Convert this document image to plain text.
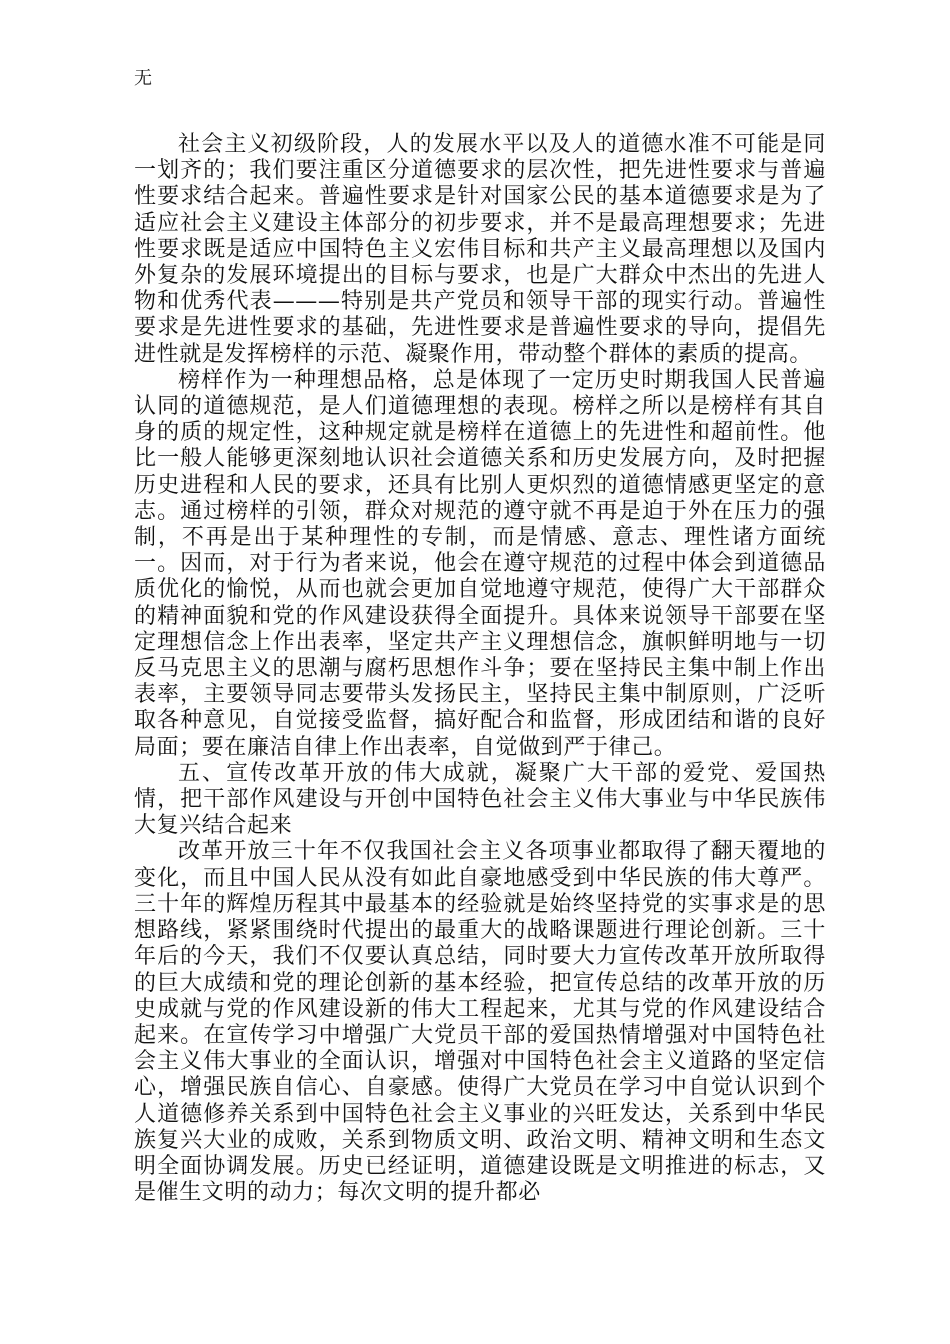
无

社会主义初级阶段，人的发展水平以及人的道德水准不可能是同一划齐的；我们要注重区分道德要求的层次性，把先进性要求与普遍性要求结合起来。普遍性要求是针对国家公民的基本道德要求是为了适应社会主义建设主体部分的初步要求，并不是最高理想要求；先进性要求既是适应中国特色主义宏伟目标和共产主义最高理想以及国内外复杂的发展环境提出的目标与要求，也是广大群众中杰出的先进人物和优秀代表———特别是共产党员和领导干部的现实行动。普遍性要求是先进性要求的基础，先进性要求是普遍性要求的导向，提倡先进性就是发挥榜样的示范、凝聚作用，带动整个群体的素质的提高。

榜样作为一种理想品格，总是体现了一定历史时期我国人民普遍认同的道德规范，是人们道德理想的表现。榜样之所以是榜样有其自身的质的规定性，这种规定就是榜样在道德上的先进性和超前性。他比一般人能够更深刻地认识社会道德关系和历史发展方向，及时把握历史进程和人民的要求，还具有比别人更炽烈的道德情感更坚定的意志。通过榜样的引领，群众对规范的遵守就不再是迫于外在压力的强制，不再是出于某种理性的专制，而是情感、意志、理性诸方面统一。因而，对于行为者来说，他会在遵守规范的过程中体会到道德品质优化的愉悦，从而也就会更加自觉地遵守规范，使得广大干部群众的精神面貌和党的作风建设获得全面提升。具体来说领导干部要在坚定理想信念上作出表率，坚定共产主义理想信念，旗帜鲜明地与一切反马克思主义的思潮与腐朽思想作斗争；要在坚持民主集中制上作出表率，主要领导同志要带头发扬民主，坚持民主集中制原则，广泛听取各种意见，自觉接受监督，搞好配合和监督，形成团结和谐的良好局面；要在廉洁自律上作出表率，自觉做到严于律己。

五、宣传改革开放的伟大成就，凝聚广大干部的爱党、爱国热情，把干部作风建设与开创中国特色社会主义伟大事业与中华民族伟大复兴结合起来

改革开放三十年不仅我国社会主义各项事业都取得了翻天覆地的变化，而且中国人民从没有如此自豪地感受到中华民族的伟大尊严。三十年的辉煌历程其中最基本的经验就是始终坚持党的实事求是的思想路线，紧紧围绕时代提出的最重大的战略课题进行理论创新。三十年后的今天，我们不仅要认真总结，同时要大力宣传改革开放所取得的巨大成绩和党的理论创新的基本经验，把宣传总结的改革开放的历史成就与党的作风建设新的伟大工程起来，尤其与党的作风建设结合起来。在宣传学习中增强广大党员干部的爱国热情增强对中国特色社会主义伟大事业的全面认识，增强对中国特色社会主义道路的坚定信心，增强民族自信心、自豪感。使得广大党员在学习中自觉认识到个人道德修养关系到中国特色社会主义事业的兴旺发达，关系到中华民族复兴大业的成败，关系到物质文明、政治文明、精神文明和生态文明全面协调发展。历史已经证明，道德建设既是文明推进的标志，又是催生文明的动力；每次文明的提升都必
